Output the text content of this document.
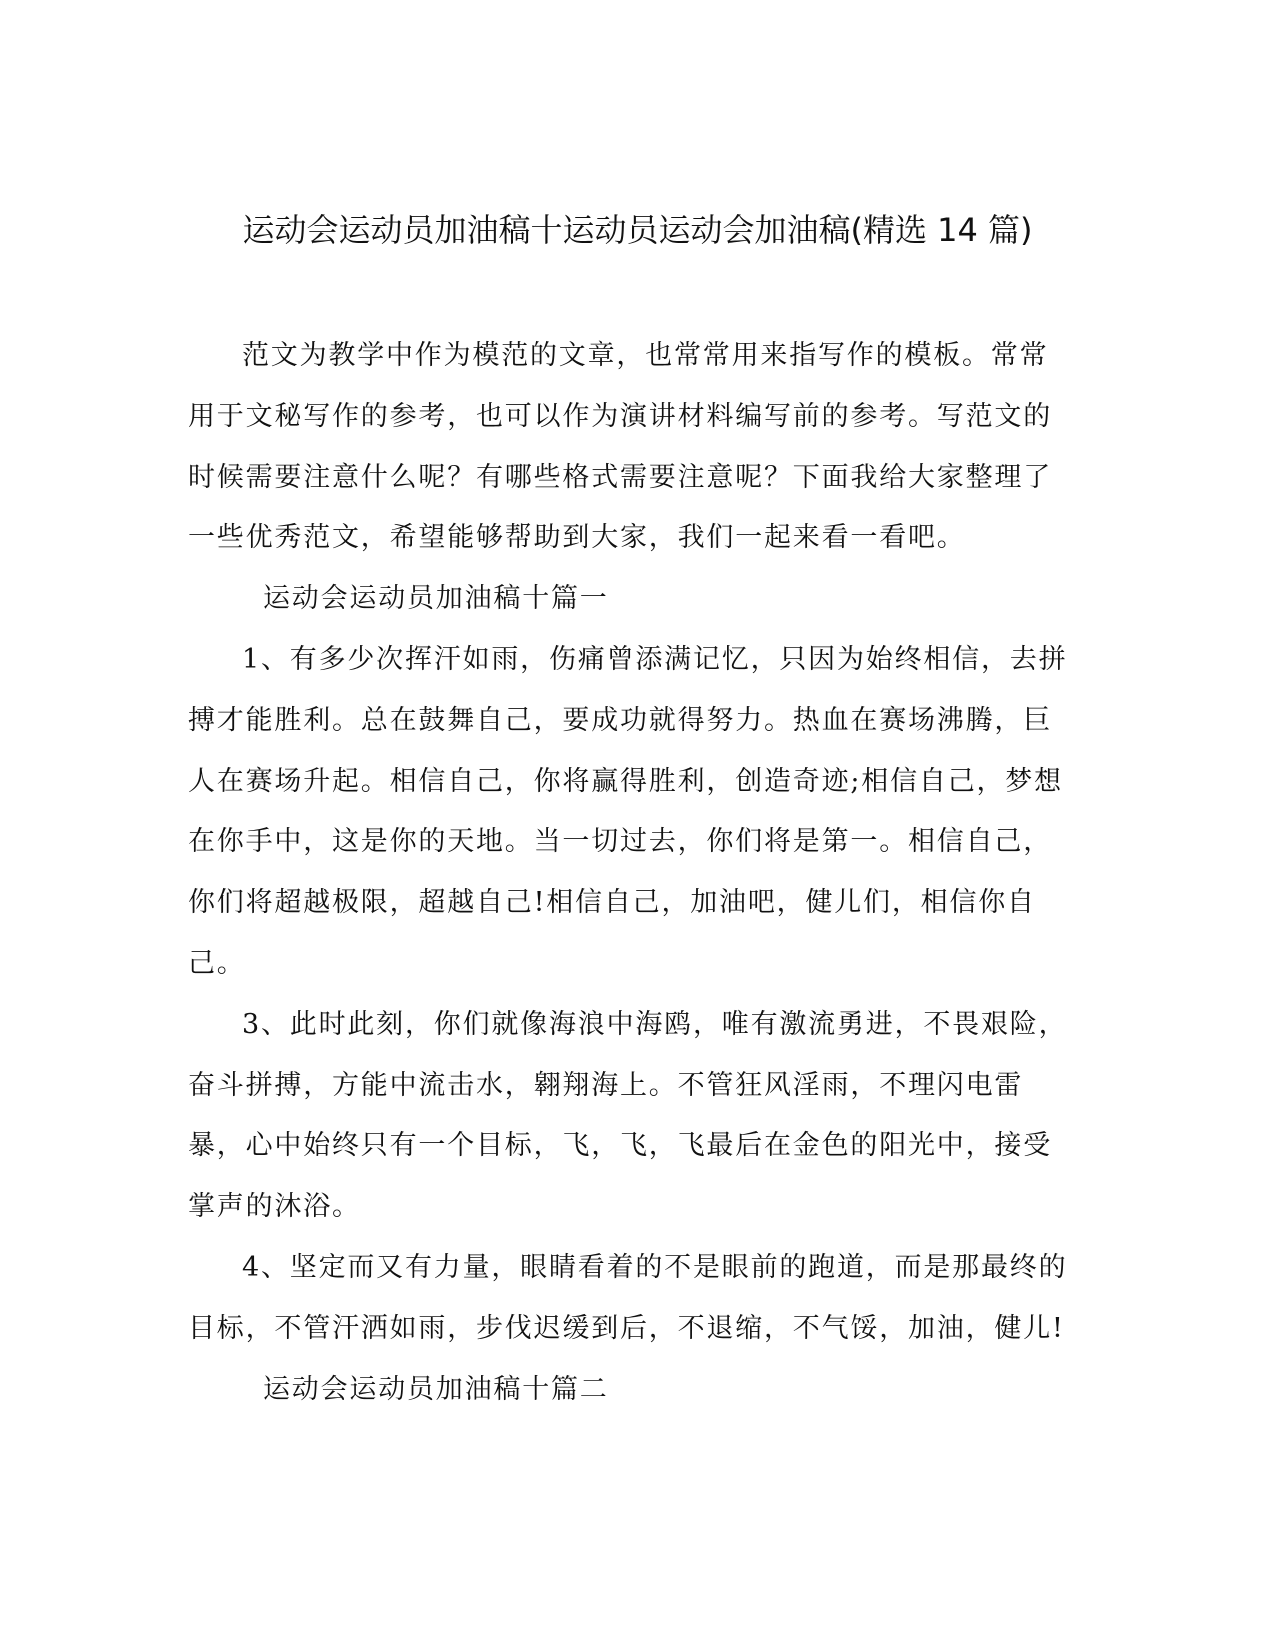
运动会运动员加油稿十运动员运动会加油稿(精选 14 篇)

范文为教学中作为模范的文章，也常常用来指写作的模板。常常用于文秘写作的参考，也可以作为演讲材料编写前的参考。写范文的时候需要注意什么呢？有哪些格式需要注意呢？下面我给大家整理了一些优秀范文，希望能够帮助到大家，我们一起来看一看吧。

运动会运动员加油稿十篇一

1、有多少次挥汗如雨，伤痛曾添满记忆，只因为始终相信，去拼搏才能胜利。总在鼓舞自己，要成功就得努力。热血在赛场沸腾，巨人在赛场升起。相信自己，你将赢得胜利，创造奇迹;相信自己，梦想在你手中，这是你的天地。当一切过去，你们将是第一。相信自己，你们将超越极限，超越自己!相信自己，加油吧，健儿们，相信你自己。

3、此时此刻，你们就像海浪中海鸥，唯有激流勇进，不畏艰险，奋斗拼搏，方能中流击水，翱翔海上。不管狂风淫雨，不理闪电雷暴，心中始终只有一个目标，飞，飞，飞最后在金色的阳光中，接受掌声的沐浴。

4、坚定而又有力量，眼睛看着的不是眼前的跑道，而是那最终的目标，不管汗洒如雨，步伐迟缓到后，不退缩，不气馁，加油，健儿!

运动会运动员加油稿十篇二
